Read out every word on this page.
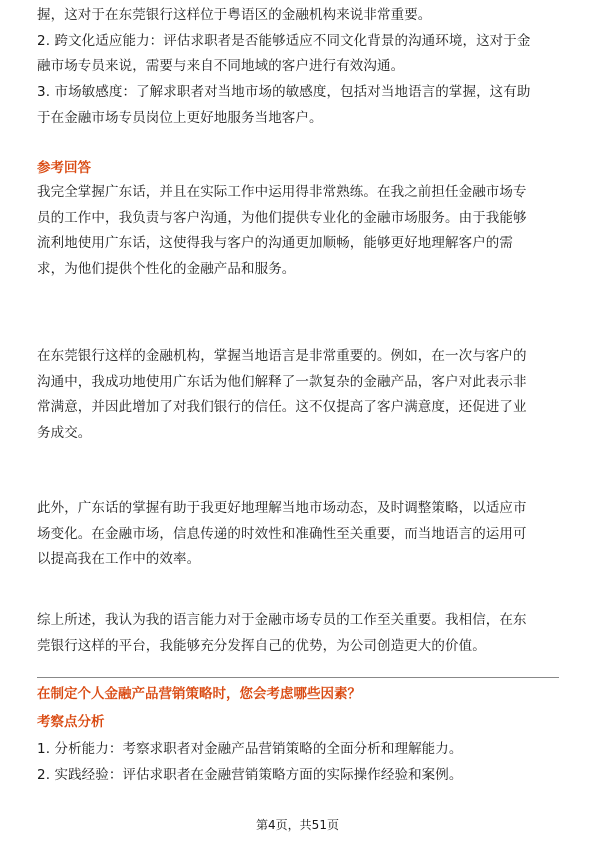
握，这对于在东莞银行这样位于粤语区的金融机构来说非常重要。

2. 跨文化适应能力：评估求职者是否能够适应不同文化背景的沟通环境，这对于金

融市场专员来说，需要与来自不同地域的客户进行有效沟通。

3. 市场敏感度：了解求职者对当地市场的敏感度，包括对当地语言的掌握，这有助

于在金融市场专员岗位上更好地服务当地客户。

参考回答

我完全掌握广东话，并且在实际工作中运用得非常熟练。在我之前担任金融市场专

员的工作中，我负责与客户沟通，为他们提供专业化的金融市场服务。由于我能够

流利地使用广东话，这使得我与客户的沟通更加顺畅，能够更好地理解客户的需

求，为他们提供个性化的金融产品和服务。

在东莞银行这样的金融机构，掌握当地语言是非常重要的。例如，在一次与客户的

沟通中，我成功地使用广东话为他们解释了一款复杂的金融产品，客户对此表示非

常满意，并因此增加了对我们银行的信任。这不仅提高了客户满意度，还促进了业

务成交。

此外，广东话的掌握有助于我更好地理解当地市场动态，及时调整策略，以适应市

场变化。在金融市场，信息传递的时效性和准确性至关重要，而当地语言的运用可

以提高我在工作中的效率。

综上所述，我认为我的语言能力对于金融市场专员的工作至关重要。我相信，在东

莞银行这样的平台，我能够充分发挥自己的优势，为公司创造更大的价值。

在制定个人金融产品营销策略时，您会考虑哪些因素？
考察点分析

1. 分析能力：考察求职者对金融产品营销策略的全面分析和理解能力。

2. 实践经验：评估求职者在金融营销策略方面的实际操作经验和案例。

第4页，共51页
